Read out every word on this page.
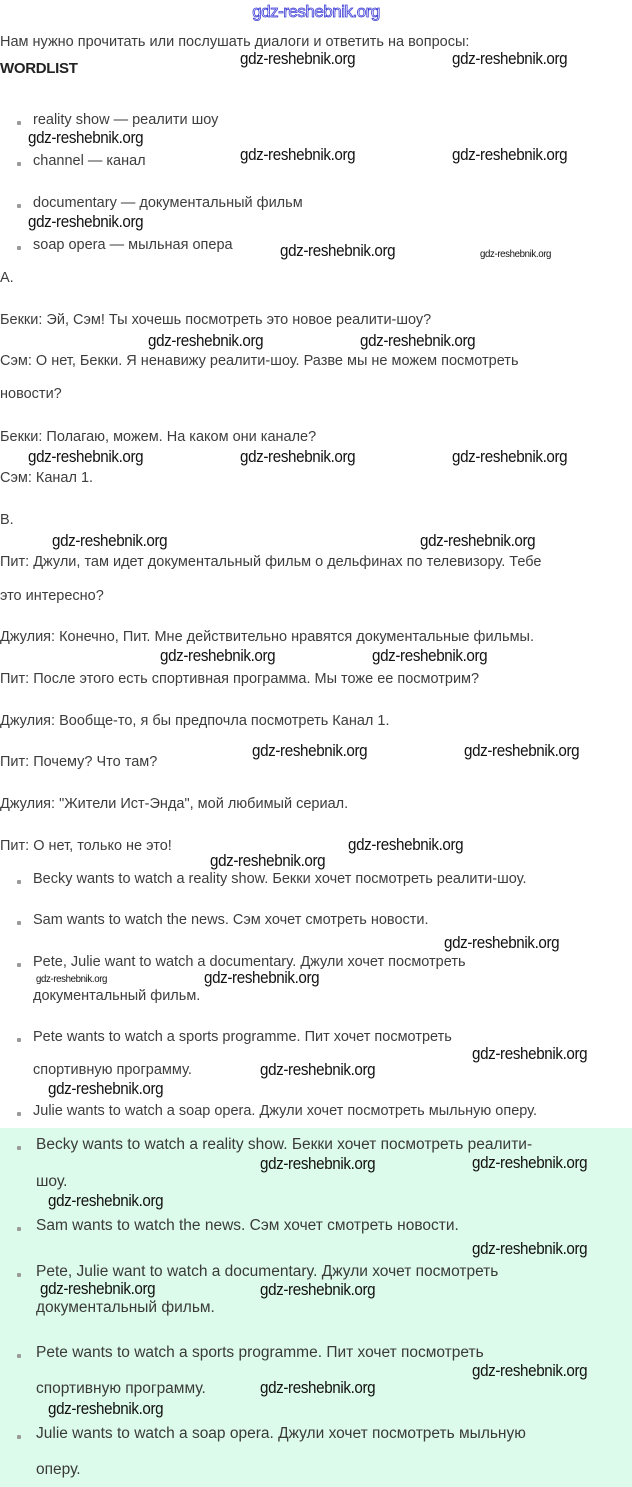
gdz-reshebnik.org
Нам нужно прочитать или послушать диалоги и ответить на вопросы:
WORDLIST
reality show — реалити шоу
channel — канал
documentary — документальный фильм
soap opera — мыльная опера
A.
Бекки: Эй, Сэм! Ты хочешь посмотреть это новое реалити-шоу?
Сэм: О нет, Бекки. Я ненавижу реалити-шоу. Разве мы не можем посмотреть
новости?
Бекки: Полагаю, можем. На каком они канале?
Сэм: Канал 1.
B.
Пит: Джули, там идет документальный фильм о дельфинах по телевизору. Тебе
это интересно?
Джулия: Конечно, Пит. Мне действительно нравятся документальные фильмы.
Пит: После этого есть спортивная программа. Мы тоже ее посмотрим?
Джулия: Вообще-то, я бы предпочла посмотреть Канал 1.
Пит: Почему? Что там?
Джулия: "Жители Ист-Энда", мой любимый сериал.
Пит: О нет, только не это!
Becky wants to watch a reality show. Бекки хочет посмотреть реалити-шоу.
Sam wants to watch the news. Сэм хочет смотреть новости.
Pete, Julie want to watch a documentary. Джули хочет посмотреть
документальный фильм.
Pete wants to watch a sports programme. Пит хочет посмотреть
спортивную программу.
Julie wants to watch a soap opera. Джули хочет посмотреть мыльную оперу.
Becky wants to watch a reality show. Бекки хочет посмотреть реалити-
шоу.
Sam wants to watch the news. Сэм хочет смотреть новости.
Pete, Julie want to watch a documentary. Джули хочет посмотреть
документальный фильм.
Pete wants to watch a sports programme. Пит хочет посмотреть
спортивную программу.
Julie wants to watch a soap opera. Джули хочет посмотреть мыльную
оперу.
gdz-reshebnik.org	gdz-reshebnik.org
gdz-reshebnik.org
gdz-reshebnik.org	gdz-reshebnik.org
gdz-reshebnik.org
gdz-reshebnik.org	gdz-reshebnik.org
gdz-reshebnik.org	gdz-reshebnik.org
gdz-reshebnik.org	gdz-reshebnik.org	gdz-reshebnik.org
gdz-reshebnik.org	gdz-reshebnik.org
gdz-reshebnik.org	gdz-reshebnik.org
gdz-reshebnik.org	gdz-reshebnik.org
gdz-reshebnik.org
gdz-reshebnik.org
gdz-reshebnik.org
gdz-reshebnik.org
gdz-reshebnik.org
gdz-reshebnik.org
gdz-reshebnik.org
gdz-reshebnik.org
gdz-reshebnik.org	gdz-reshebnik.org
gdz-reshebnik.org
gdz-reshebnik.org
gdz-reshebnik.org	gdz-reshebnik.org
gdz-reshebnik.org
gdz-reshebnik.org
gdz-reshebnik.org
